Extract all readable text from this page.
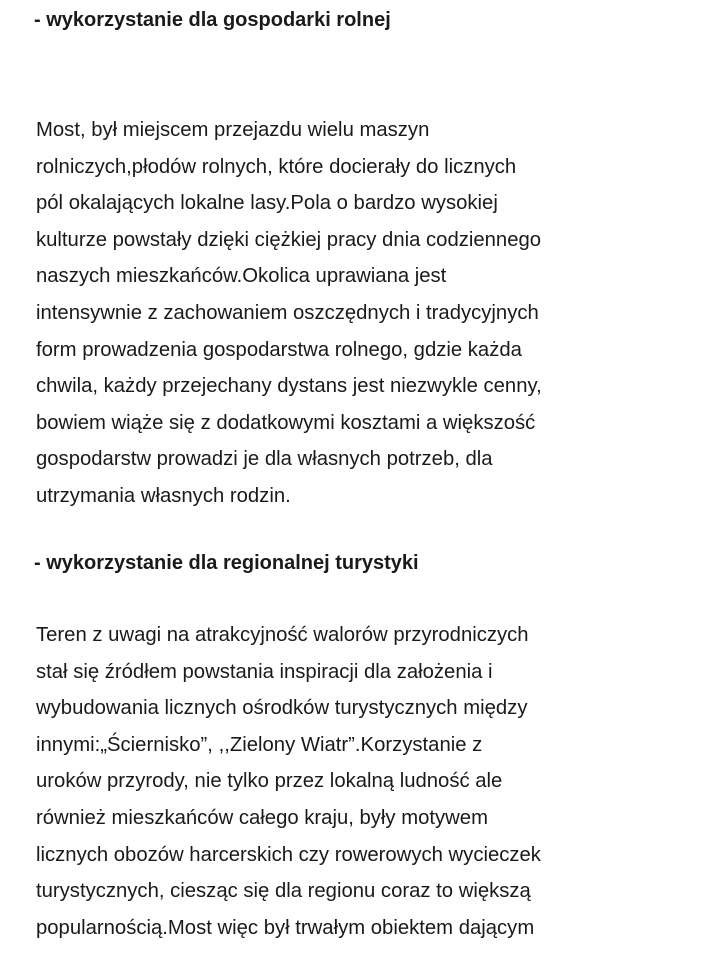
- wykorzystanie dla gospodarki rolnej
Most, był miejscem przejazdu wielu maszyn
rolniczych,płodów rolnych, które docierały do licznych
pól okalających lokalne lasy.Pola o bardzo wysokiej
kulturze powstały dzięki ciężkiej pracy dnia codziennego
naszych mieszkańców.Okolica uprawiana jest
intensywnie z zachowaniem oszczędnych i tradycyjnych
form prowadzenia gospodarstwa rolnego, gdzie każda
chwila, każdy przejechany dystans jest niezwykle cenny,
bowiem wiąże się z dodatkowymi kosztami a większość
gospodarstw prowadzi je dla własnych potrzeb, dla
utrzymania własnych rodzin.
- wykorzystanie dla regionalnej turystyki
Teren z uwagi na atrakcyjność walorów przyrodniczych
stał się źródłem powstania inspiracji dla założenia i
wybudowania licznych ośrodków turystycznych między
innymi:„Ściernisko”, ,,Zielony Wiatr”.Korzystanie z
uroków przyrody, nie tylko przez lokalną ludność ale
również mieszkańców całego kraju, były motywem
licznych obozów harcerskich czy rowerowych wycieczek
turystycznych, ciesząc się dla regionu coraz to większą
popularnością.Most więc był trwałym obiektem dającym
